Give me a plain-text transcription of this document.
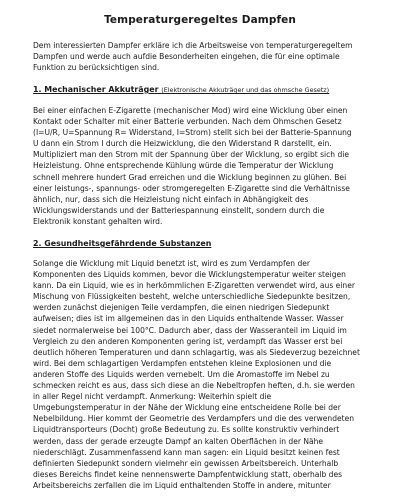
Temperaturgeregeltes Dampfen

Dem interessierten Dampfer erkläre ich die Arbeitsweise von temperaturgeregeltem
Dampfen und werde auch aufdie Besonderheiten eingehen, die für eine optimale
Funktion zu berücksichtigen sind.

1. Mechanischer Akkuträger (Elektronische Akkuträger und das ohmsche Gesetz)

Bei einer einfachen E-Zigarette (mechanischer Mod) wird eine Wicklung über einen
Kontakt oder Schalter mit einer Batterie verbunden. Nach dem Ohmschen Gesetz
(I=U/R, U=Spannung R= Widerstand, I=Strom) stellt sich bei der Batterie-Spannung
U dann ein Strom I durch die Heizwicklung, die den Widerstand R darstellt, ein.
Multipliziert man den Strom mit der Spannung über der Wicklung, so ergibt sich die
Heizleistung. Ohne entsprechende Kühlung würde die Temperatur der Wicklung
schnell mehrere hundert Grad erreichen und die Wicklung beginnen zu glühen. Bei
einer leistungs-, spannungs- oder stromgeregelten E-Zigarette sind die Verhältnisse
ähnlich, nur, dass sich die Heizleistung nicht einfach in Abhängigkeit des
Wicklungswiderstands und der Batteriespannung einstellt, sondern durch die
Elektronik konstant gehalten wird.

2. Gesundheitsgefährdende Substanzen

Solange die Wicklung mit Liquid benetzt ist, wird es zum Verdampfen der
Komponenten des Liquids kommen, bevor die Wicklungstemperatur weiter steigen
kann. Da ein Liquid, wie es in herkömmlichen E-Zigaretten verwendet wird, aus einer
Mischung von Flüssigkeiten besteht, welche unterschiedliche Siedepunkte besitzen,
werden zunächst diejenigen Teile verdampfen, die einen niedrigen Siedepunkt
aufweisen; dies ist im allgemeinen das in den Liquids enthaltende Wasser. Wasser
siedet normalerweise bei 100°C. Dadurch aber, dass der Wasseranteil im Liquid im
Vergleich zu den anderen Komponenten gering ist, verdampft das Wasser erst bei
deutlich höheren Temperaturen und dann schlagartig, was als Siedeverzug bezeichnet
wird. Bei dem schlagartigen Verdampfen entstehen kleine Explosionen und die
anderen Stoffe des Liquids werden vernebelt. Um die Aromastoffe im Nebel zu
schmecken reicht es aus, dass sich diese an die Nebeltropfen heften, d.h. sie werden
in aller Regel nicht verdampft. Anmerkung: Weiterhin spielt die
Umgebungstemperatur in der Nähe der Wicklung eine entscheidene Rolle bei der
Nebelbildung. Hier kommt der Geometrie des Verdampfers und die des verwendeten
Liquidtransporteurs (Docht) große Bedeutung zu. Es sollte konstruktiv verhindert
werden, dass der gerade erzeugte Dampf an kalten Oberflächen in der Nähe
niederschlägt. Zusammenfassend kann man sagen: ein Liquid besitzt keinen fest
definierten Siedepunkt sondern vielmehr ein gewissen Arbeitsbereich. Unterhalb
dieses Bereichs findet keine nennenswerte Dampfentwicklung statt, oberhalb des
Arbeitsbereichs zerfallen die im Liquid enthaltenden Stoffe in andere, mitunter
